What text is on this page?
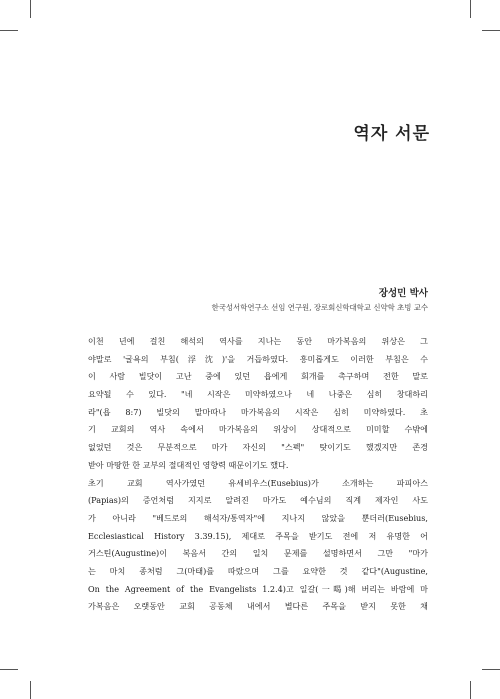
역자 서문
장성민 박사
한국성서학연구소 선임 연구원, 장로회신학대학교 신약학 초빙 교수
이천 년에 걸친 해석의 역사를 지나는 동안 마가복음의 위상은 그
야말로 '굴욕의 부침(浮沈)'을 거듭하였다. 흥미롭게도 이러한 부침은 수
이 사람 빌닷이 고난 중에 있던 욥에게 회개를 촉구하며 전한 말로
요약될 수 있다. "네 시작은 미약하였으나 네 나중은 심히 창대하리
라"(욥 8:7) 빌닷의 말마따나 마가복음의 시작은 심히 미약하였다. 초
기 교회의 역사 속에서 마가복음의 위상이 상대적으로 미미할 수밖에
없었던 것은 무분적으로 마가 자신의 "스펙" 탓이기도 했겠지만 존경
받아 마땅한 한 교부의 절대적인 영향력 때문이기도 했다.
초기 교회 역사가였던 유세비우스(Eusebius)가 소개하는 파피아스
(Papias)의 증언처럼 지지로 알려진 마가도 예수님의 직계 제자인 사도
가 아니라 "베드로의 해석자/통역자"에 지나지 않았을 뿐더러(Eusebius,
Ecclesiastical History 3.39.15), 제대로 주목을 받기도 전에 저 유명한 어
거스틴(Augustine)이 복음서 간의 일치 문제를 설명하면서 그만 "마가
는 마치 종처럼 그(마태)를 따랐으며 그를 요약한 것 같다"(Augustine,
On the Agreement of the Evangelists 1.2.4)고 일갈(一喝)해 버리는 바람에 마
가복음은 오랫동안 교회 공동체 내에서 별다른 주목을 받지 못한 채
